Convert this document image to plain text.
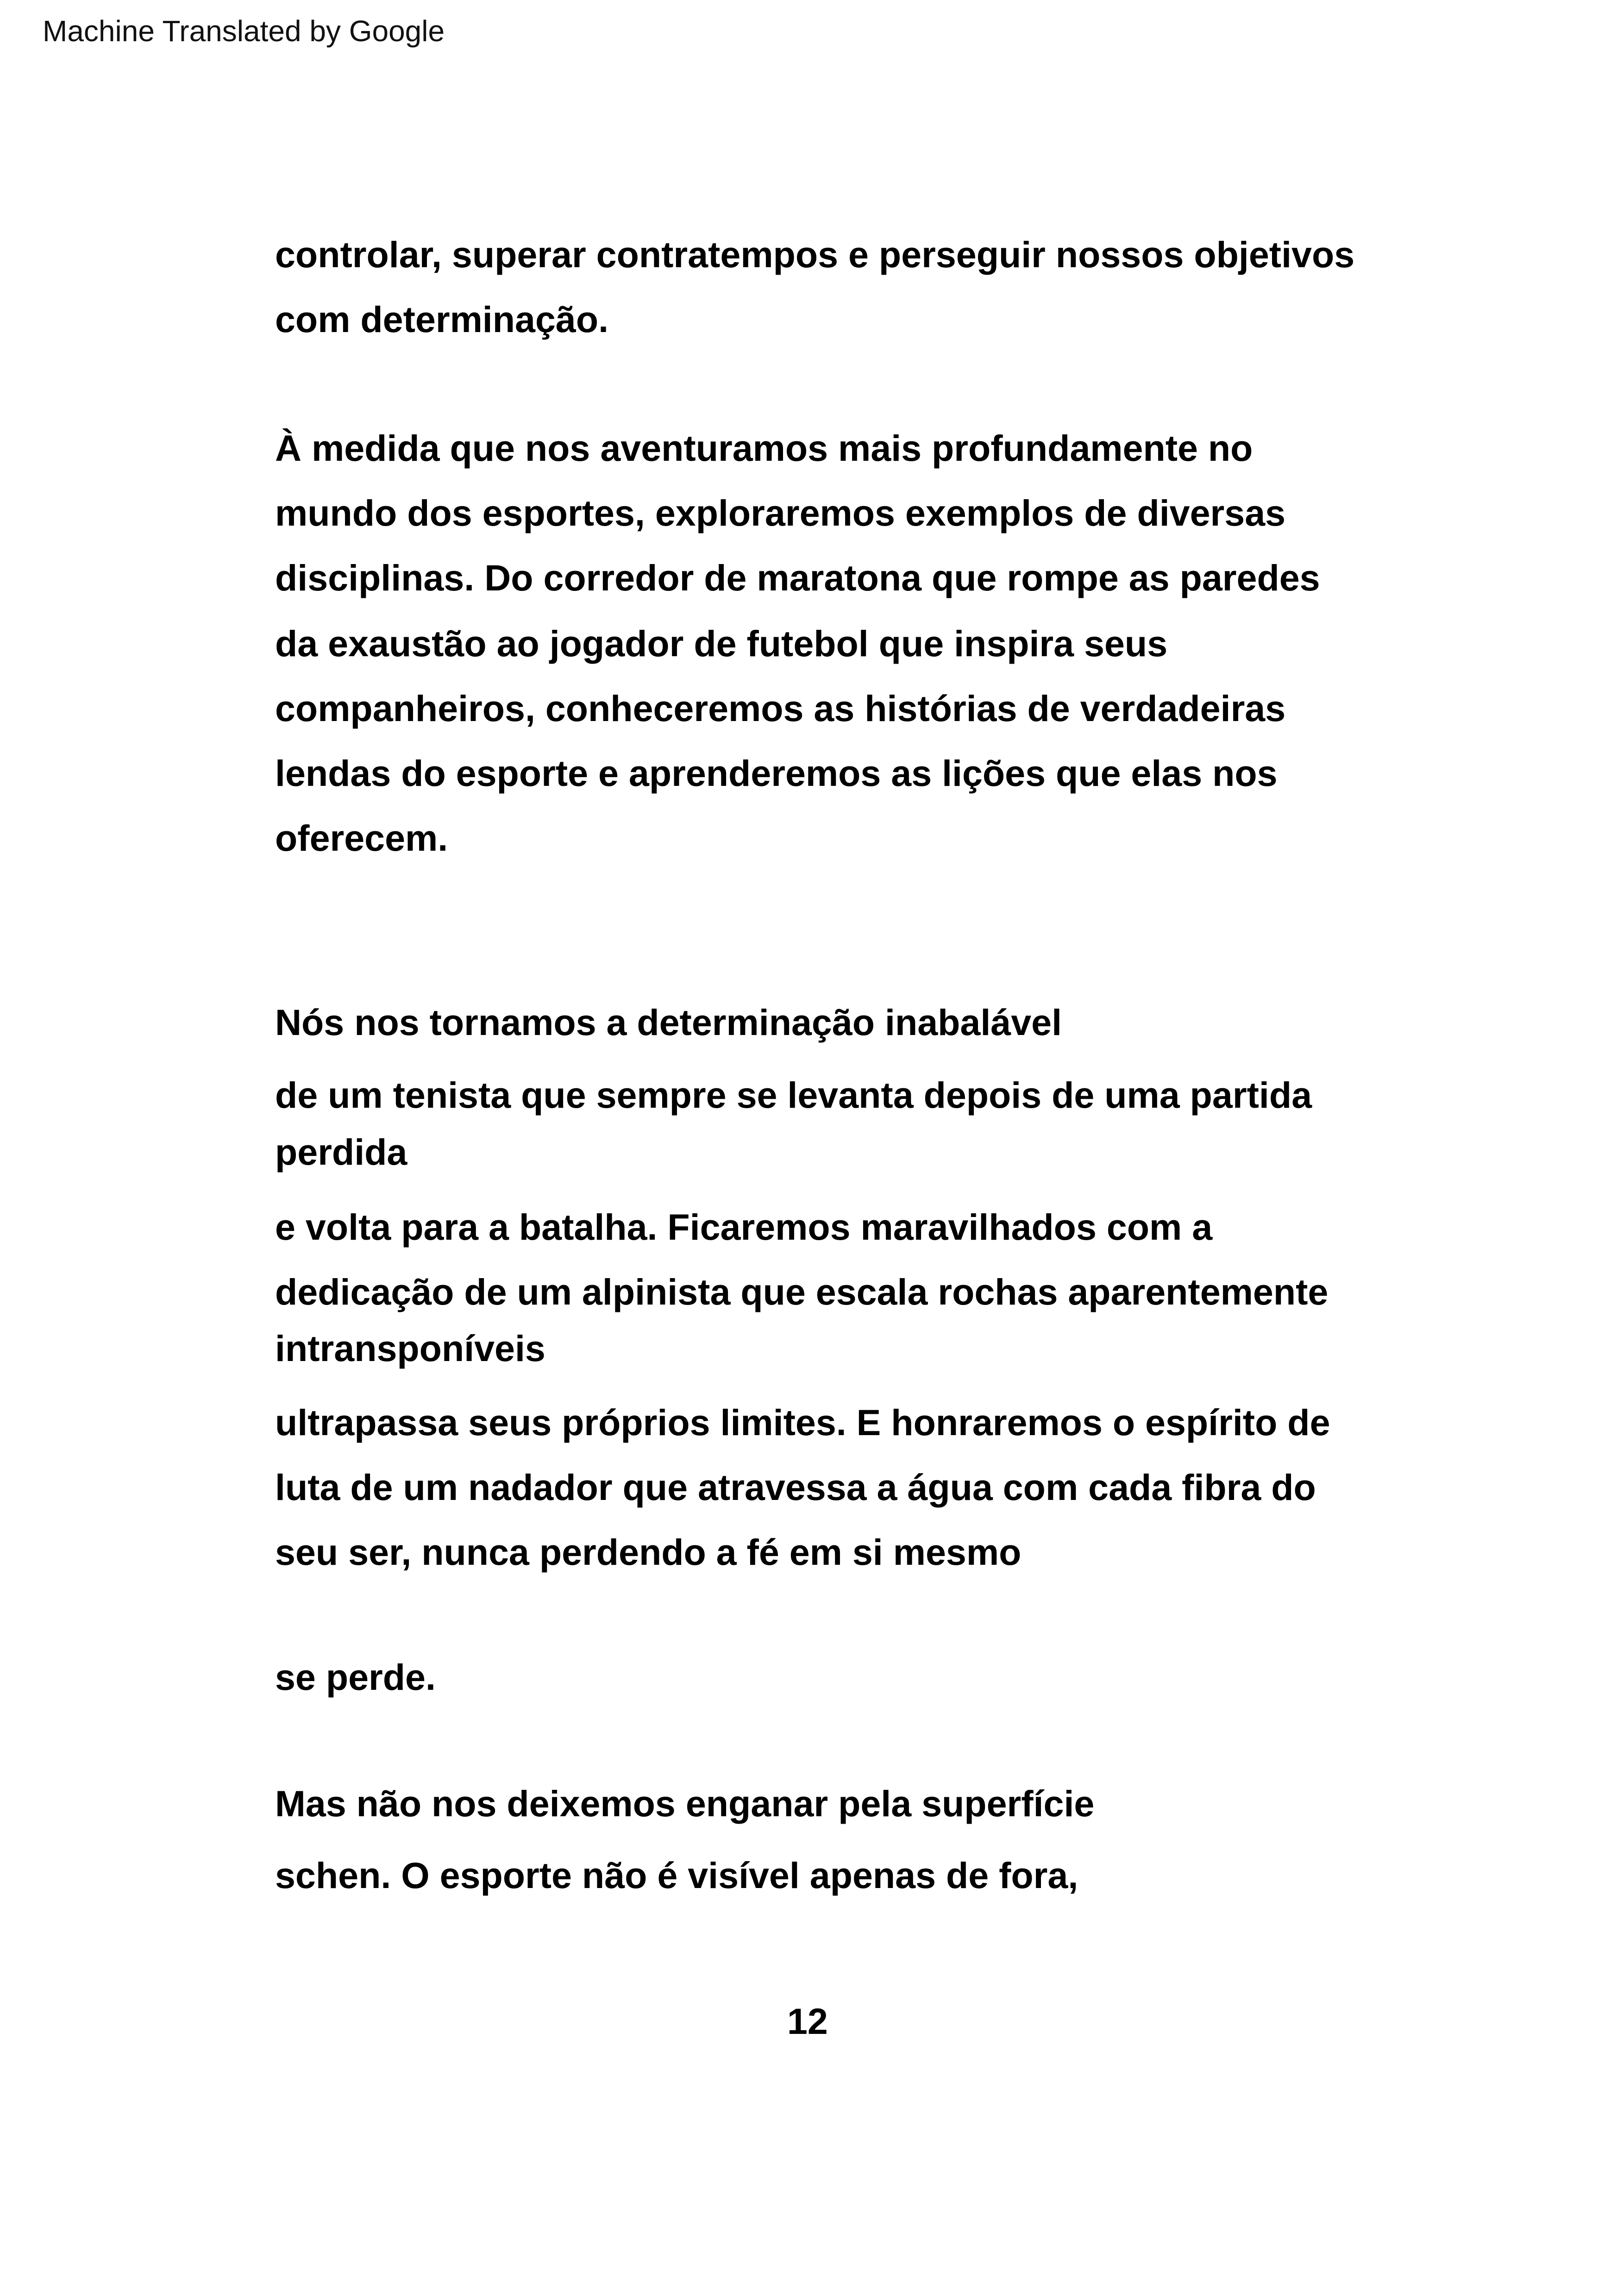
Machine Translated by Google
controlar, superar contratempos e perseguir nossos objetivos
com determinação.
À medida que nos aventuramos mais profundamente no
mundo dos esportes, exploraremos exemplos de diversas
disciplinas. Do corredor de maratona que rompe as paredes
da exaustão ao jogador de futebol que inspira seus
companheiros, conheceremos as histórias de verdadeiras
lendas do esporte e aprenderemos as lições que elas nos
oferecem.
Nós nos tornamos a determinação inabalável
de um tenista que sempre se levanta depois de uma partida
perdida
e volta para a batalha. Ficaremos maravilhados com a
dedicação de um alpinista que escala rochas aparentemente
intransponíveis
ultrapassa seus próprios limites. E honraremos o espírito de
luta de um nadador que atravessa a água com cada fibra do
seu ser, nunca perdendo a fé em si mesmo
se perde.
Mas não nos deixemos enganar pela superfície
schen. O esporte não é visível apenas de fora,
12
